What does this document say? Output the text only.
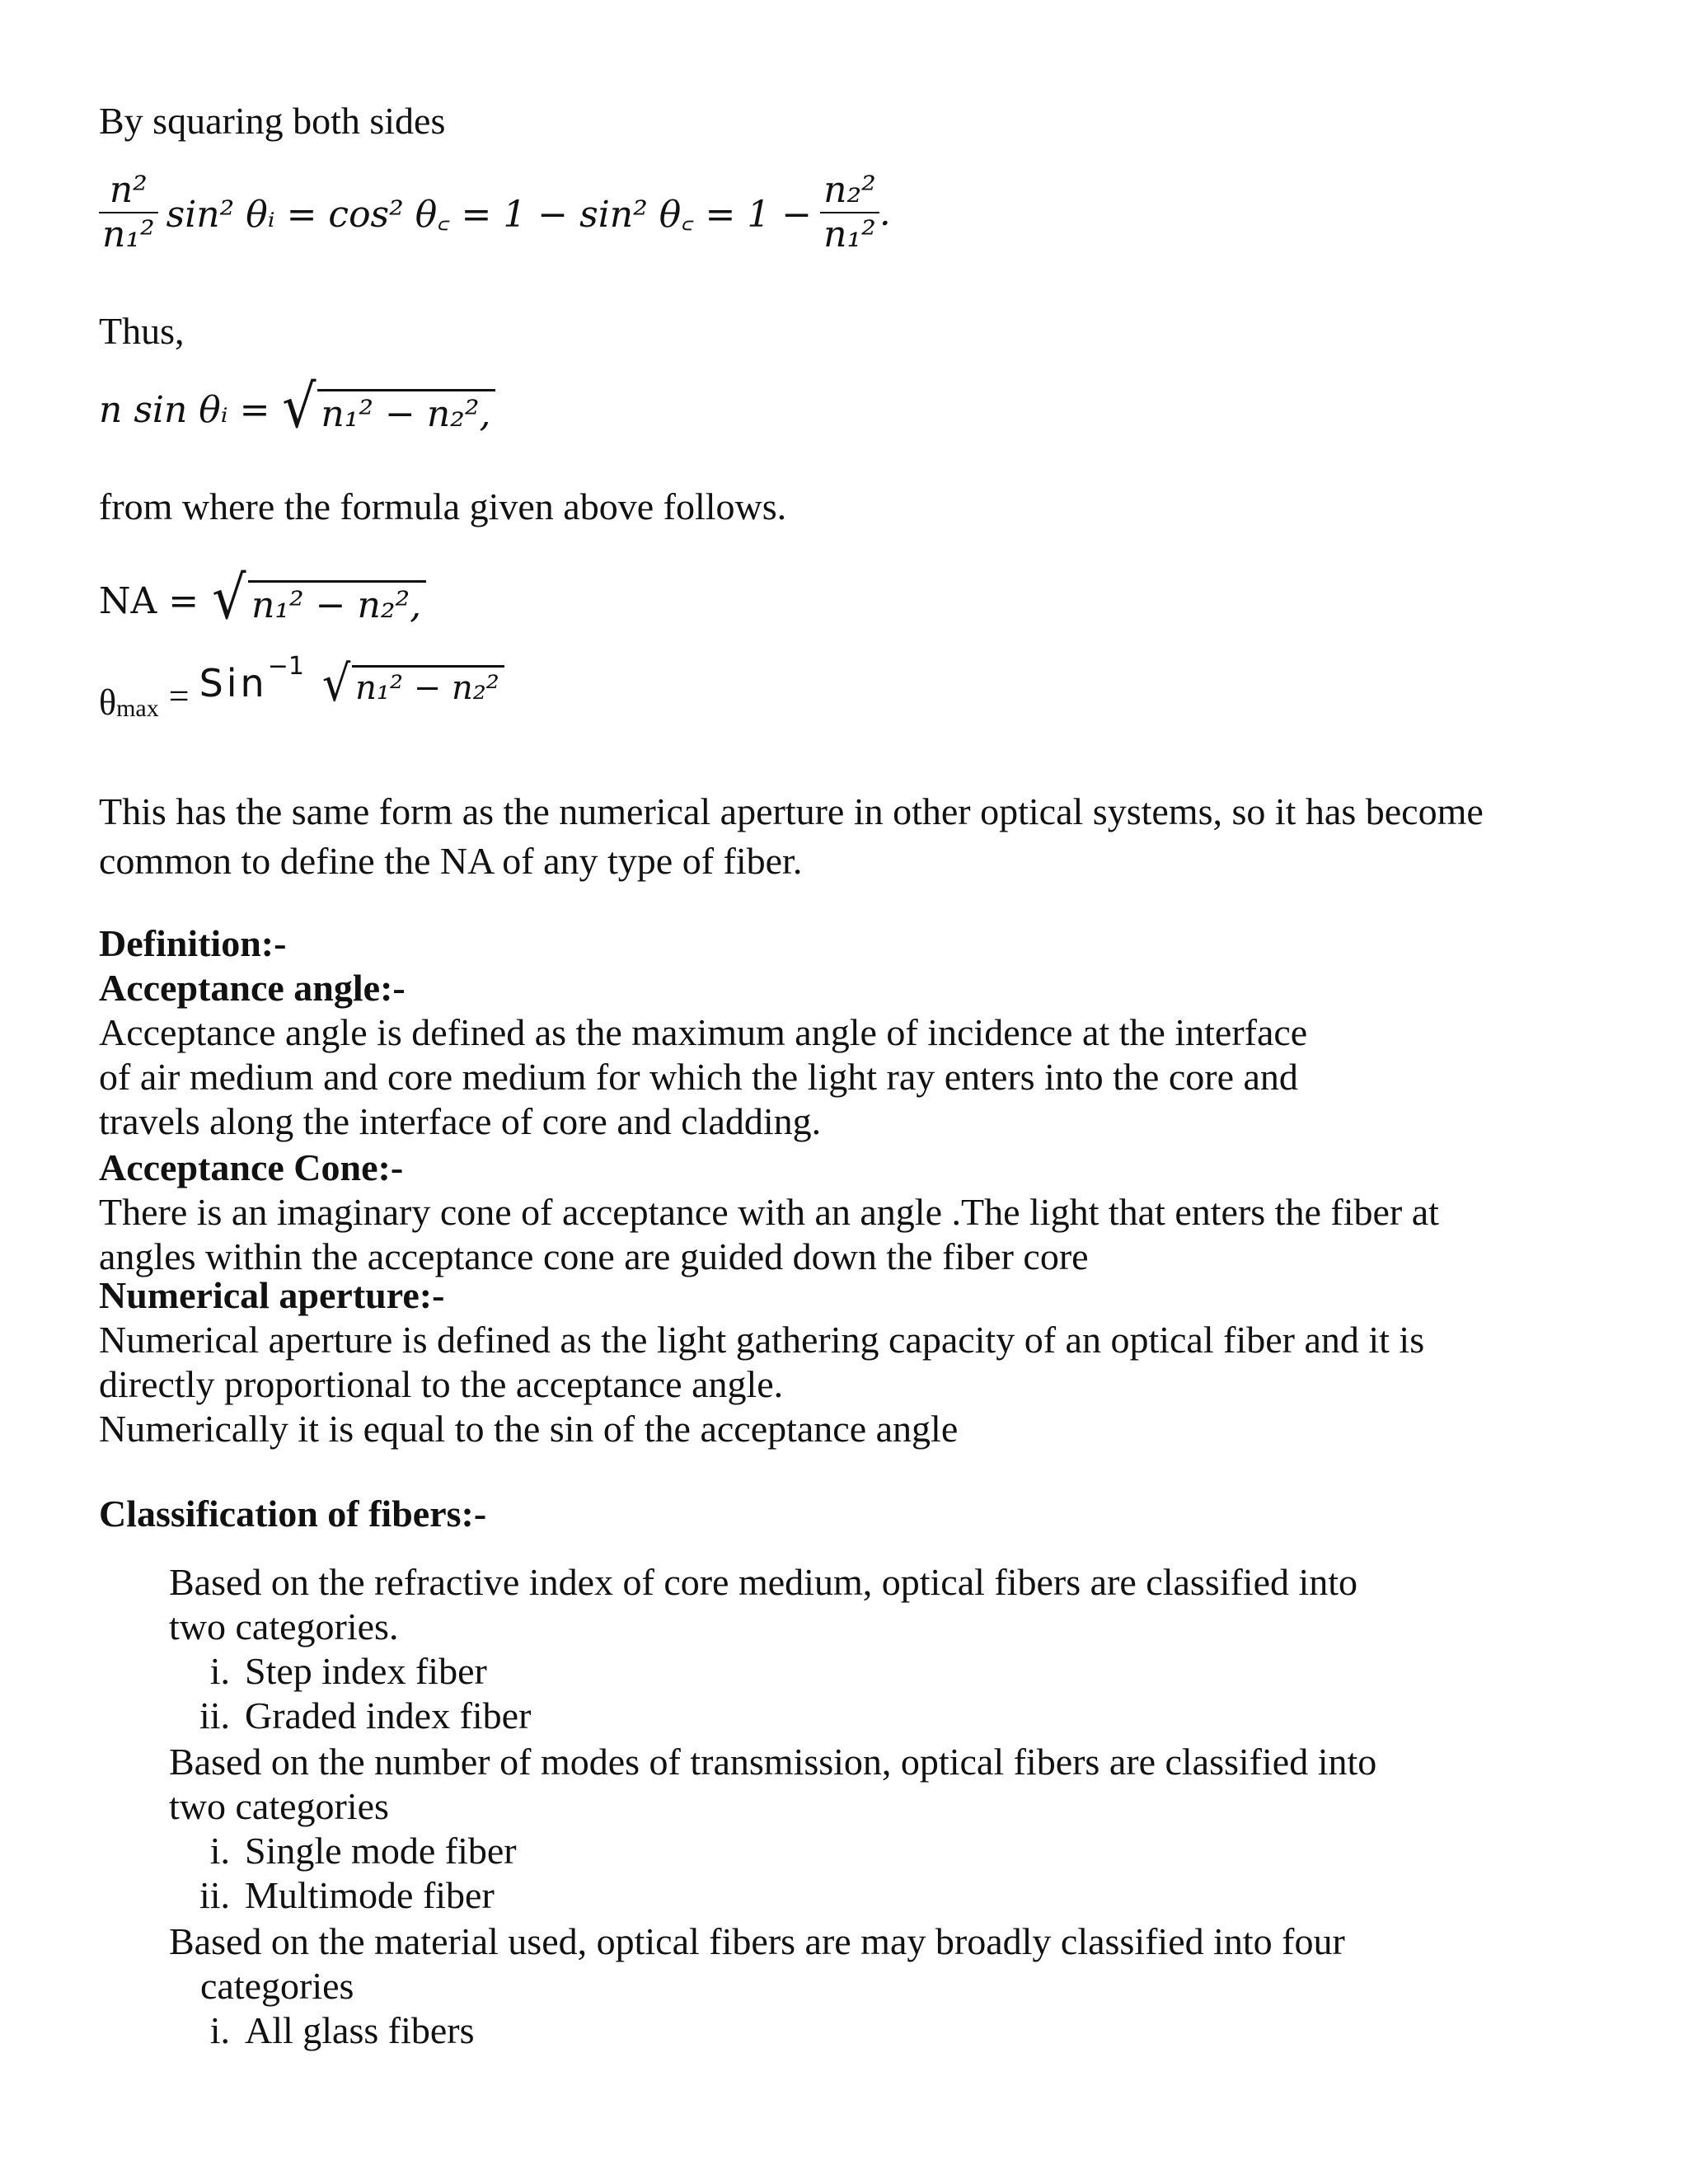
By squaring both sides
$\frac{\text{n²}}{\text{n₁²}} \sin^2$ θᵢ = cos² θ꜀ = 1 − sin² θ꜀ = $1 - \frac{\text{n₂²}}{\text{n₁²}}$ .
Thus,
n sin θᵢ = √ n₁² − n₂²,
from where the formula given above follows.
NA = √ n₁² − n₂²,
θ max = Sin −1 √ n₁² − n₂²
This has the same form as the numerical aperture in other optical systems, so it has become
common to define the NA of any type of fiber.
Definition:-
Acceptance angle:-
Acceptance angle is defined as the maximum angle of incidence at the interface
of air medium and core medium for which the light ray enters into the core and
travels along the interface of core and cladding.
Acceptance Cone:-
There is an imaginary cone of acceptance with an angle .The light that enters the fiber at
angles within the acceptance cone are guided down the fiber core
Numerical aperture:-
Numerical aperture is defined as the light gathering capacity of an optical fiber and it is
directly proportional to the acceptance angle.
Numerically it is equal to the sin of the acceptance angle
Classification of fibers:-
Based on the refractive index of core medium, optical fibers are classified into
two categories.
i. Step index fiber
ii. Graded index fiber
Based on the number of modes of transmission, optical fibers are classified into
two categories
i. Single mode fiber
ii. Multimode fiber
Based on the material used, optical fibers are may broadly classified into four
categories
i. All glass fibers
